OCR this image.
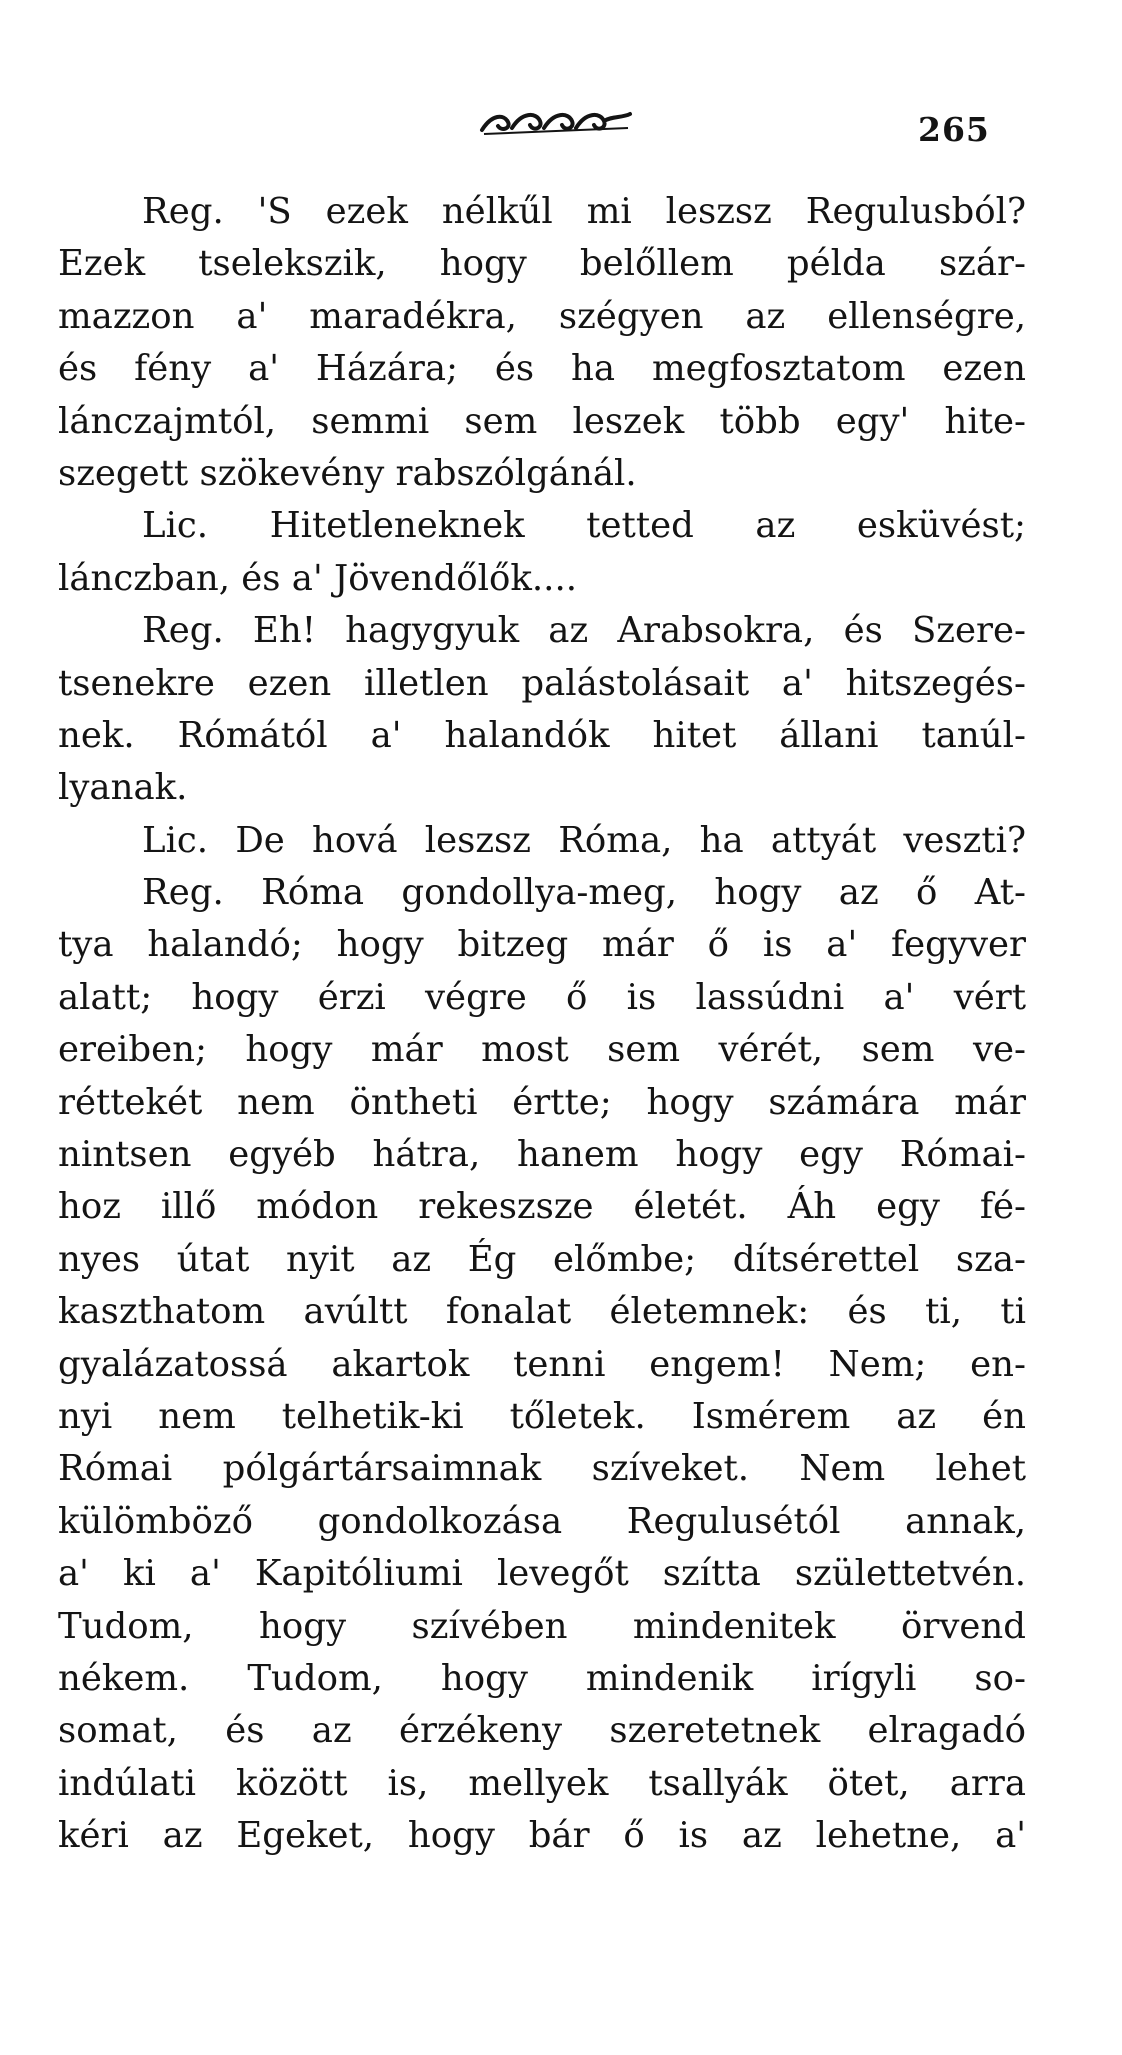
265
Reg. 'S ezek nélkűl mi leszsz Regulusból?
Ezek tselekszik, hogy belőllem példa szár-
mazzon a' maradékra, szégyen az ellenségre,
és fény a' Házára; és ha megfosztatom ezen
lánczajmtól, semmi sem leszek több egy' hite-
szegett szökevény rabszólgánál.
Lic. Hitetleneknek tetted az esküvést;
lánczban, és a' Jövendőlők....
Reg. Eh! hagygyuk az Arabsokra, és Szere-
tsenekre ezen illetlen palástolásait a' hitszegés-
nek. Rómától a' halandók hitet állani tanúl-
lyanak.
Lic. De hová leszsz Róma, ha attyát veszti?
Reg. Róma gondollya-meg, hogy az ő At-
tya halandó; hogy bitzeg már ő is a' fegyver
alatt; hogy érzi végre ő is lassúdni a' vért
ereiben; hogy már most sem vérét, sem ve-
réttekét nem öntheti értte; hogy számára már
nintsen egyéb hátra, hanem hogy egy Római-
hoz illő módon rekeszsze életét. Áh egy fé-
nyes útat nyit az Ég előmbe; dítsérettel sza-
kaszthatom avúltt fonalat életemnek: és ti, ti
gyalázatossá akartok tenni engem! Nem; en-
nyi nem telhetik-ki tőletek. Ismérem az én
Római pólgártársaimnak szíveket. Nem lehet
külömböző gondolkozása Regulusétól annak,
a' ki a' Kapitóliumi levegőt szítta születtetvén.
Tudom, hogy szívében mindenitek örvend
nékem. Tudom, hogy mindenik irígyli so-
somat, és az érzékeny szeretetnek elragadó
indúlati között is, mellyek tsallyák ötet, arra
kéri az Egeket, hogy bár ő is az lehetne, a'
